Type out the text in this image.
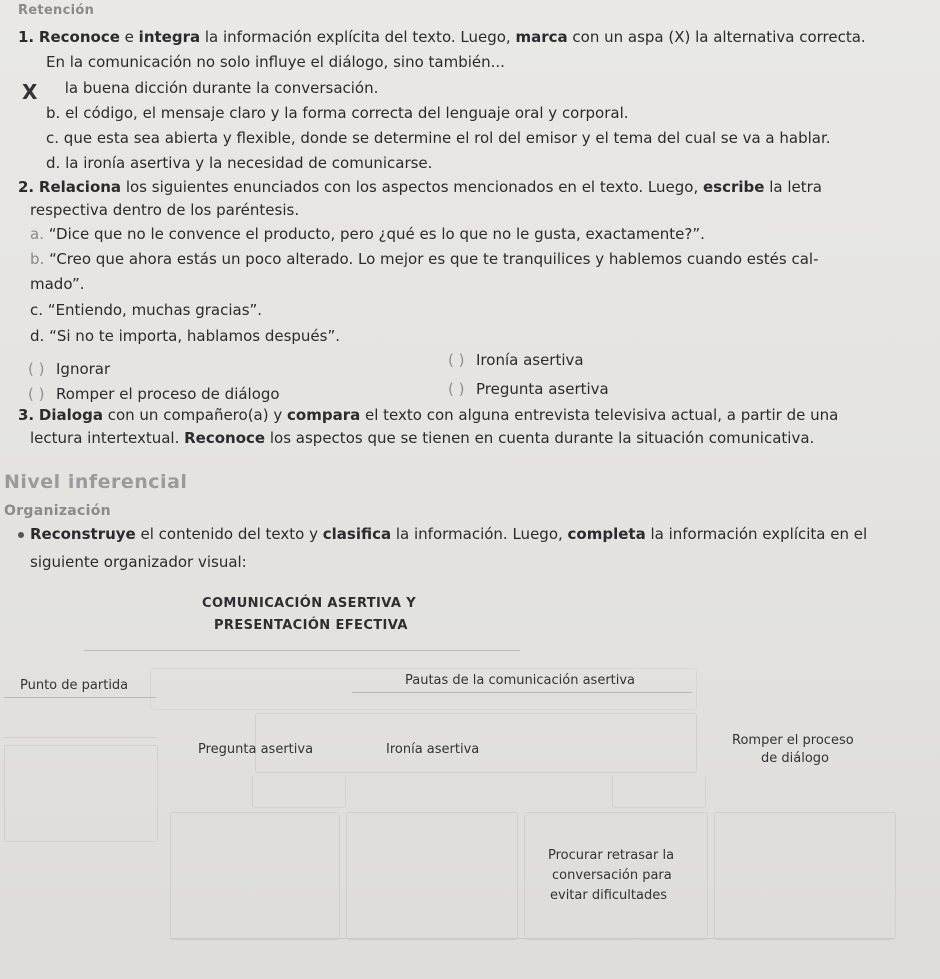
Retención
1. Reconoce e integra la información explícita del texto. Luego, marca con un aspa (X) la alternativa correcta.
En la comunicación no solo influye el diálogo, sino también...
X	la buena dicción durante la conversación.
b. el código, el mensaje claro y la forma correcta del lenguaje oral y corporal.
c. que esta sea abierta y flexible, donde se determine el rol del emisor y el tema del cual se va a hablar.
d. la ironía asertiva y la necesidad de comunicarse.
2. Relaciona los siguientes enunciados con los aspectos mencionados en el texto. Luego, escribe la letra
respectiva dentro de los paréntesis.
a. “Dice que no le convence el producto, pero ¿qué es lo que no le gusta, exactamente?”.
b. “Creo que ahora estás un poco alterado. Lo mejor es que te tranquilices y hablemos cuando estés cal-
mado”.
c. “Entiendo, muchas gracias”.
d. “Si no te importa, hablamos después”.
( ) Ignorar
( ) Romper el proceso de diálogo
( ) Ironía asertiva
( ) Pregunta asertiva
3. Dialoga con un compañero(a) y compara el texto con alguna entrevista televisiva actual, a partir de una
lectura intertextual. Reconoce los aspectos que se tienen en cuenta durante la situación comunicativa.
Nivel inferencial
Organización
Reconstruye el contenido del texto y clasifica la información. Luego, completa la información explícita en el
siguiente organizador visual:
COMUNICACIÓN ASERTIVA Y
PRESENTACIÓN EFECTIVA
Punto de partida	Pautas de la comunicación asertiva
Pregunta asertiva	Ironía asertiva
Romper el proceso
de diálogo
Procurar retrasar la
conversación para
evitar dificultades
